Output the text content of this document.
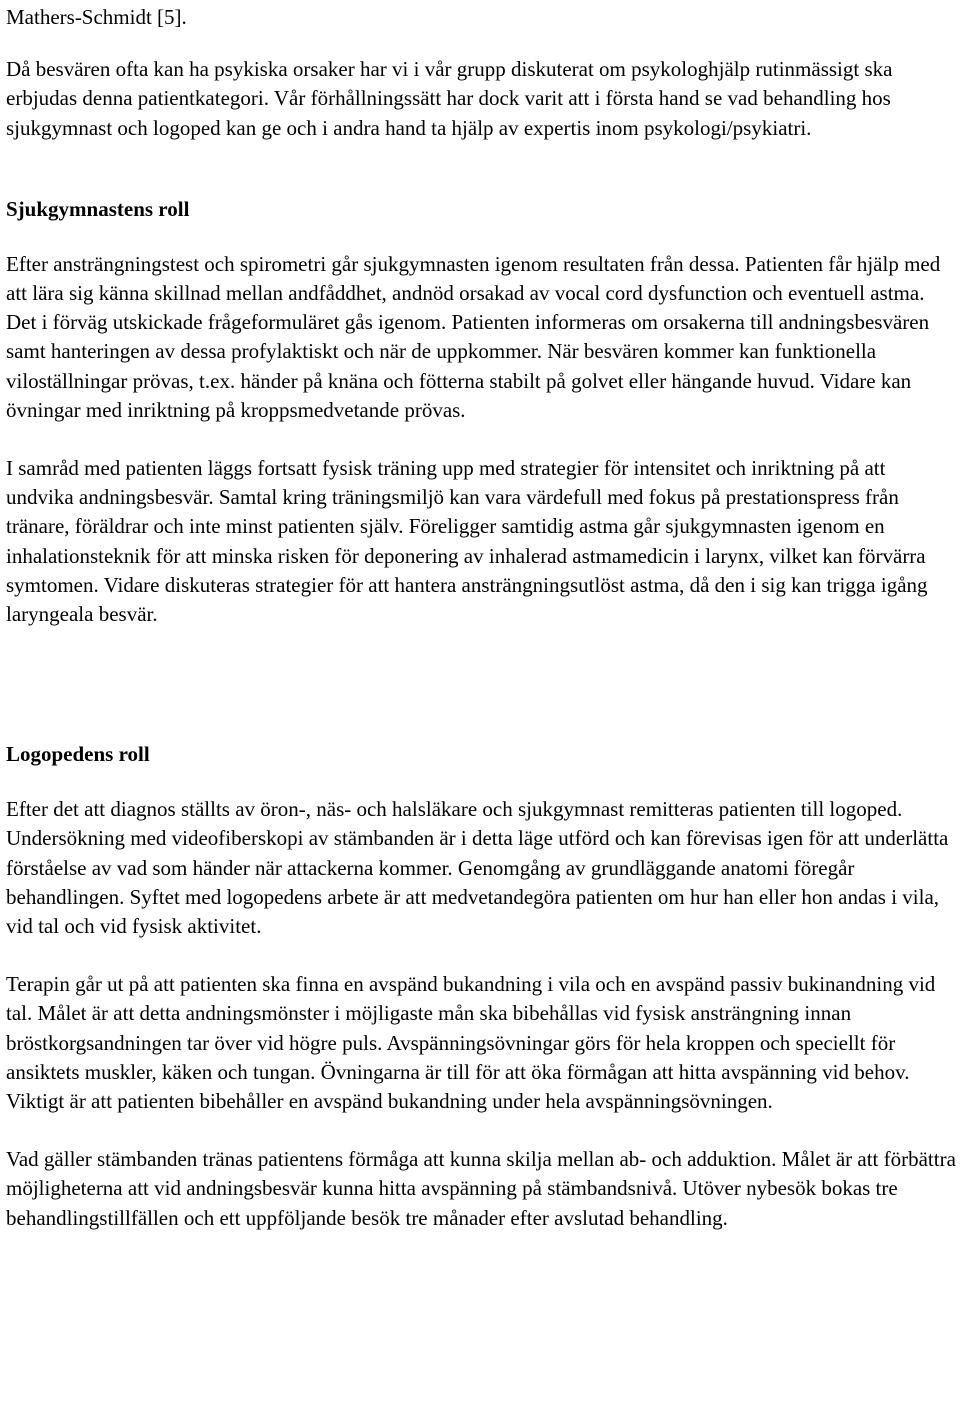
Mathers-Schmidt [5].

Då besvären ofta kan ha psykiska orsaker har vi i vår grupp diskuterat om psykologhjälp rutinmässigt ska erbjudas denna patientkategori. Vår förhållningssätt har dock varit att i första hand se vad behandling hos sjukgymnast och logoped kan ge och i andra hand ta hjälp av expertis inom psykologi/psykiatri.

Sjukgymnastens roll

Efter ansträngningstest och spirometri går sjukgymnasten igenom resultaten från dessa. Patienten får hjälp med att lära sig känna skillnad mellan andfåddhet, andnöd orsakad av vocal cord dysfunction och eventuell astma. Det i förväg utskickade frågeformuläret gås igenom. Patienten informeras om orsakerna till andningsbesvären samt hanteringen av dessa profylaktiskt och när de uppkommer. När besvären kommer kan funktionella viloställningar prövas, t.ex. händer på knäna och fötterna stabilt på golvet eller hängande huvud. Vidare kan övningar med inriktning på kroppsmedvetande prövas.

I samråd med patienten läggs fortsatt fysisk träning upp med strategier för intensitet och inriktning på att undvika andningsbesvär. Samtal kring träningsmiljö kan vara värdefull med fokus på prestationspress från tränare, föräldrar och inte minst patienten själv. Föreligger samtidig astma går sjukgymnasten igenom en inhalationsteknik för att minska risken för deponering av inhalerad astmamedicin i larynx, vilket kan förvärra symtomen. Vidare diskuteras strategier för att hantera ansträngningsutlöst astma, då den i sig kan trigga igång laryngeala besvär.

Logopedens roll

Efter det att diagnos ställts av öron-, näs- och halsläkare och sjukgymnast remitteras patienten till logoped. Undersökning med videofiberskopi av stämbanden är i detta läge utförd och kan förevisas igen för att underlätta förståelse av vad som händer när attackerna kommer. Genomgång av grundläggande anatomi föregår behandlingen. Syftet med logopedens arbete är att medvetandegöra patienten om hur han eller hon andas i vila, vid tal och vid fysisk aktivitet.

Terapin går ut på att patienten ska finna en avspänd bukandning i vila och en avspänd passiv bukinandning vid tal. Målet är att detta andningsmönster i möjligaste mån ska bibehållas vid fysisk ansträngning innan bröstkorgsandningen tar över vid högre puls. Avspänningsövningar görs för hela kroppen och speciellt för ansiktets muskler, käken och tungan. Övningarna är till för att öka förmågan att hitta avspänning vid behov. Viktigt är att patienten bibehåller en avspänd bukandning under hela avspänningsövningen.

Vad gäller stämbanden tränas patientens förmåga att kunna skilja mellan ab- och adduktion. Målet är att förbättra möjligheterna att vid andningsbesvär kunna hitta avspänning på stämbandsnivå. Utöver nybesök bokas tre behandlingstillfällen och ett uppföljande besök tre månader efter avslutad behandling.
